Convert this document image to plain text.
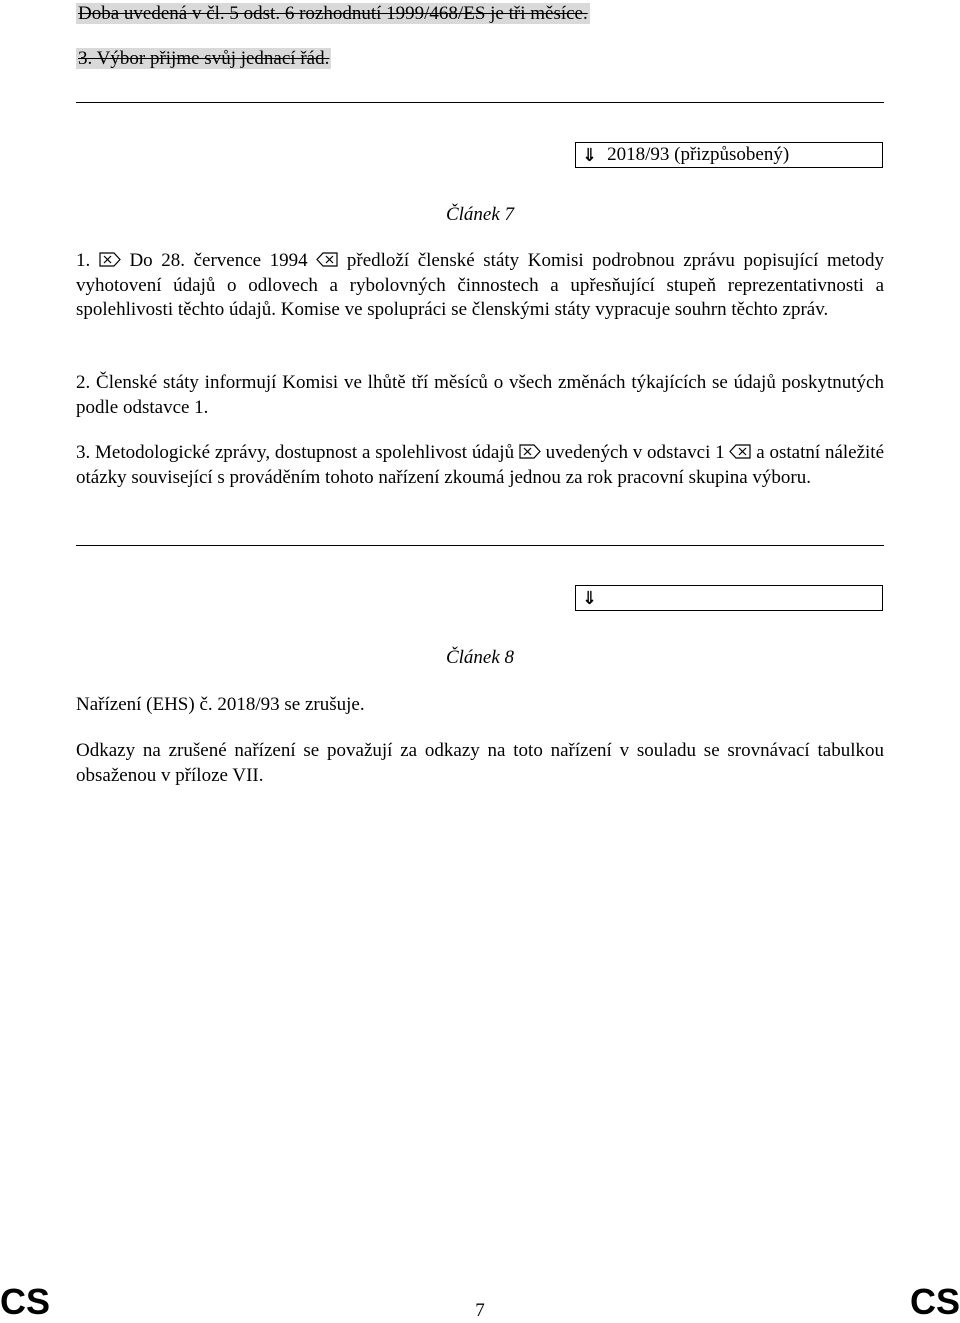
Doba uvedená v čl. 5 odst. 6 rozhodnutí 1999/468/ES je tři měsíce.
3. Výbor přijme svůj jednací řád.
⇓ 2018/93 (přizpůsobený)
Článek 7
1. Do 28. července 1994 předloží členské státy Komisi podrobnou zprávu popisující metody vyhotovení údajů o odlovech a rybolovných činnostech a upřesňující stupeň reprezentativnosti a spolehlivosti těchto údajů. Komise ve spolupráci se členskými státy vypracuje souhrn těchto zpráv.
2. Členské státy informují Komisi ve lhůtě tří měsíců o všech změnách týkajících se údajů poskytnutých podle odstavce 1.
3. Metodologické zprávy, dostupnost a spolehlivost údajů uvedených v odstavci 1 a ostatní náležité otázky související s prováděním tohoto nařízení zkoumá jednou za rok pracovní skupina výboru.
⇓
Článek 8
Nařízení (EHS) č. 2018/93 se zrušuje.
Odkazy na zrušené nařízení se považují za odkazy na toto nařízení v souladu se srovnávací tabulkou obsaženou v příloze VII.
CS	7	CS
